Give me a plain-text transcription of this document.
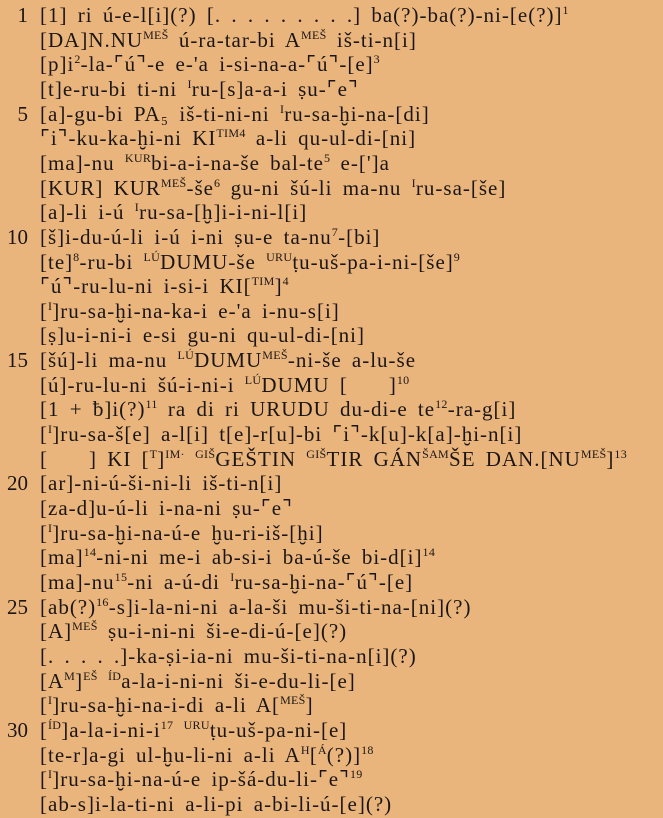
1 [1] ri ú-e-l[i](?) [. . . . . . . . .] ba(?)-ba(?)-ni-[e(?)]$^1$
$[DA]N.NU^{MEŠ}$ ú-ra-tar-bi $A^{MEŠ}$ iš-ti-n[i]
$[p]i^2-la-⌜ú⌝-e$ e-'a $i-si-na-a-⌜ú⌝-[e]^3$
[t]e-ru-bi ti-ni $^I$ru-[s]a-a-i ṣu-⌜e⌝
5 [a]-gu-bi PA₅ iš-ti-ni-ni $^I$ru-sa-ḫi-na-[di]
⌜i⌝-ku-ka-ḫi-ni $KI^{TIM4}$ a-li qu-ul-di-[ni]
[ma]-nu $^{KUR}$bi-a-i-na-še bal-$te^5$ e-[']a
[KUR] $KUR^{MEŠ}-še^6$ gu-ni šú-li ma-nu $^I$ru-sa-[še]
[a]-li i-ú $^I$ru-sa-[ḫ]i-i-ni-l[i]
10 [š]i-du-ú-li i-ú i-ni ṣu-e $ta-nu^7-[bi]$
[te]$^8$-ru-bi $^{LÚ}$DUMU-še $^{URU}$ṭu-uš-pa-i-ni-[še]$^9$
⌜ú⌝-ru-lu-ni i-si-i $KI[^{TIM}]^4$
[$^I$]ru-sa-ḫi-na-ka-i e-'a i-nu-s[i]
[ṣ]u-i-ni-i e-si gu-ni qu-ul-di-[ni]
15 [šú]-li ma-nu $^{LÚ}DUMU^{MEŠ}-ni-še$ a-lu-še
[ú]-ru-lu-ni šú-i-ni-i $^{LÚ}$DUMU [    ]$^{10}$
[1 + ƀ]i(?)$^{11}$ ra di ri URUDU du-di-e $te^{12}-ra-g[i]$
[$^I$]ru-sa-š[e] a-l[i] t[e]-r[u]-bi ⌜i⌝-k[u]-k[a]-ḫi-n[i]
[    ] KI $[^T]^{IM\cdot}$ $^{GIŠ}$GEŠTIN $^{GIŠ}$TIR $GÁN^{ŠAM}ŠE$ $DAN.[NU^{MEŠ}]^{13}$
20 [ar]-ni-ú-ši-ni-li iš-ti-n[i]
[za-d]u-ú-li i-na-ni ṣu-⌜e⌝
[$^I$]ru-sa-ḫi-na-ú-e ḫu-ri-iš-[ḫi]
[ma]$^{14}$-ni-ni me-i ab-si-i ba-ú-še $bi-d[i]^{14}$
$[ma]-nu^{15}-ni$ a-ú-di $^I$ru-sa-ḫi-na-⌜ú⌝-[e]
25 [ab(?)$^{16}$-s]i-la-ni-ni a-la-ši mu-ši-ti-na-[ni](?)
$[A]^{MEŠ}$ ṣu-i-ni-ni ši-e-di-ú-[e](?)
[. . . . .]-ka-ṣi-ia-ni mu-ši-ti-na-n[i](?)
$[A^M]^{EŠ}$ $^{ÍD}$a-la-i-ni-ni ši-e-du-li-[e]
[$^I$]ru-sa-ḫi-na-i-di a-li A[$^{MEŠ}$]
30 $[^{ÍD}]a-la-i-ni-i^{17}$ $^{URU}$ṭu-uš-pa-ni-[e]
[te-r]a-gi ul-ḫu-li-ni a-li $A^H[^Á(?)]^{18}$
[$^I$]ru-sa-ḫi-na-ú-e ip-šá-du-li-⌜e⌝$^{19}$
[ab-s]i-la-ti-ni a-li-pi a-bi-li-ú-[e](?)
